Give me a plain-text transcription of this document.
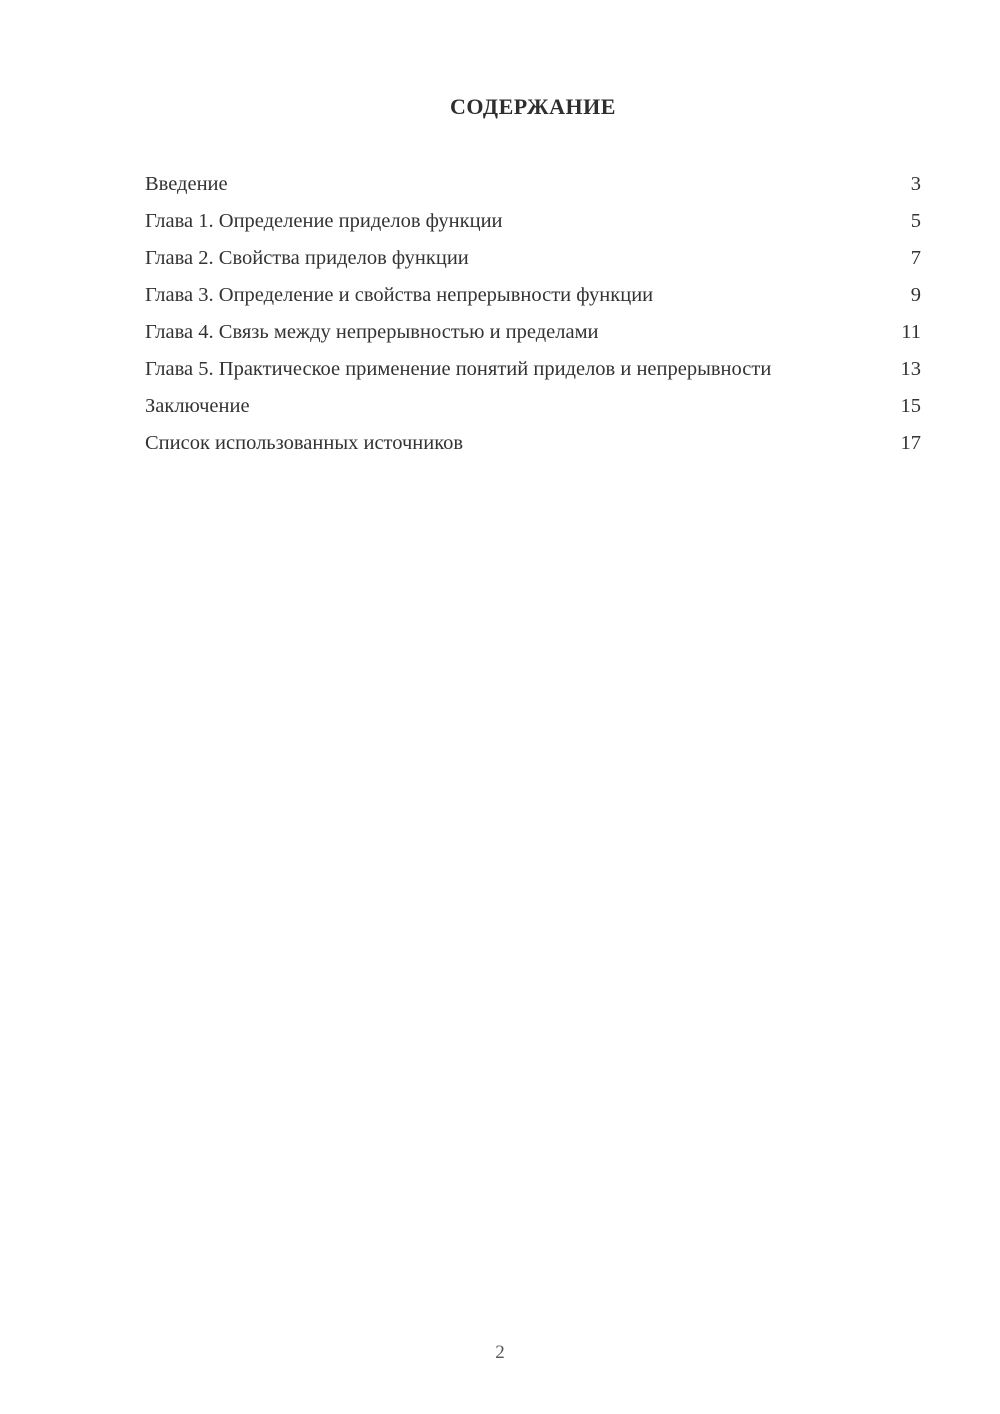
СОДЕРЖАНИЕ
Введение	3
Глава 1. Определение приделов функции	5
Глава 2. Свойства приделов функции	7
Глава 3. Определение и свойства непрерывности функции	9
Глава 4. Связь между непрерывностью и пределами	11
Глава 5. Практическое применение понятий приделов и непрерывности	13
Заключение	15
Список использованных источников	17
2
